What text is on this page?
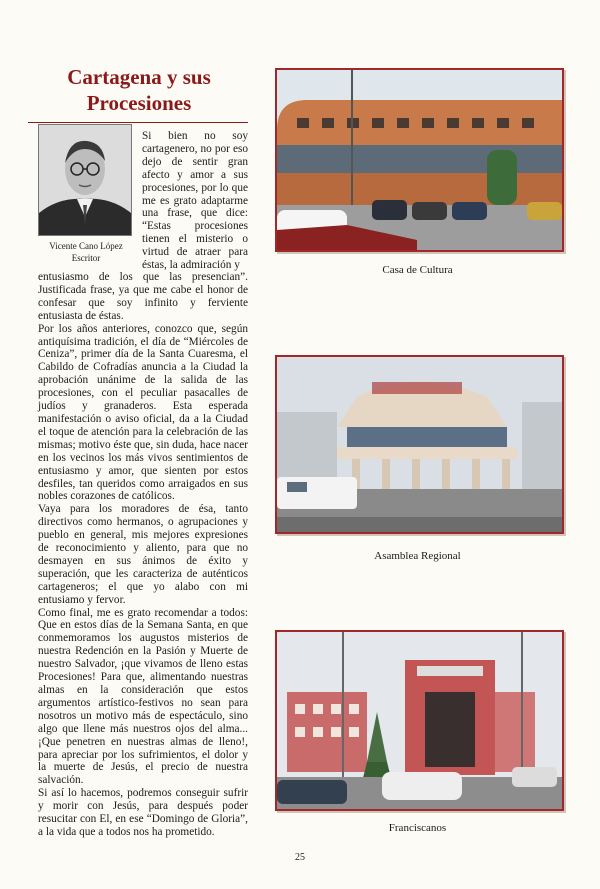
Cartagena y sus
Procesiones
Vicente Cano López
Escritor
Si bien no soy cartagenero, no por eso dejo de sentir gran afecto y amor a sus procesiones, por lo que me es grato adaptarme una frase, que dice: “Estas procesiones tienen el misterio o virtud de atraer para éstas, la admiración y

entusiasmo de los que las presencian”. Justificada frase, ya que me cabe el honor de confesar que soy infinito y ferviente entusiasta de éstas.

Por los años anteriores, conozco que, según antiquísima tradición, el día de “Miércoles de Ceniza”, primer día de la Santa Cuaresma, el Cabildo de Cofradías anuncia a la Ciudad la aprobación unánime de la salida de las procesiones, con el peculiar pasacalles de judíos y granaderos. Esta esperada manifestación o aviso oficial, da a la Ciudad el toque de atención para la celebración de las mismas; motivo éste que, sin duda, hace nacer en los vecinos los más vivos sentimientos de entusiasmo y amor, que sienten por estos desfiles, tan queridos como arraigados en sus nobles corazones de católicos.

Vaya para los moradores de ésa, tanto directivos como hermanos, o agrupaciones y pueblo en general, mis mejores expresiones de reconocimiento y aliento, para que no desmayen en sus ánimos de éxito y superación, que les caracteriza de auténticos cartageneros; el que yo alabo con mi entusiamo y fervor.

Como final, me es grato recomendar a todos: Que en estos días de la Semana Santa, en que conmemoramos los augustos misterios de nuestra Redención en la Pasión y Muerte de nuestro Salvador, ¡que vivamos de lleno estas Procesiones! Para que, alimentando nuestras almas en la consideración que estos argumentos artístico-festivos no sean para nosotros un motivo más de espectáculo, sino algo que llene más nuestros ojos del alma... ¡Que penetren en nuestras almas de lleno!, para apreciar por los sufrimientos, el dolor y la muerte de Jesús, el precio de nuestra salvación.

Si así lo hacemos, podremos conseguir sufrir y morir con Jesús, para después poder resucitar con El, en ese “Domingo de Gloria”, a la vida que a todos nos ha prometido.

Casa de Cultura
Asamblea Regional
Franciscanos
25
